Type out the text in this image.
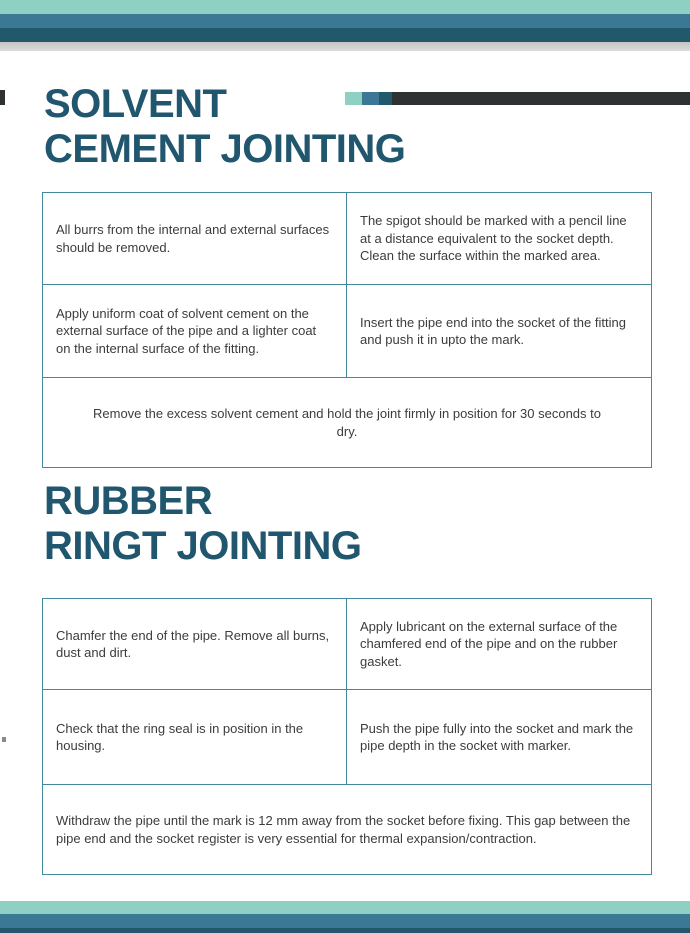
SOLVENT
CEMENT JOINTING
All burrs from the internal and external surfaces should be removed.
The spigot should be marked with a pencil line at a distance equivalent to the socket depth. Clean the surface within the marked area.
Apply uniform coat of solvent cement on the external surface of the pipe and a lighter coat on the internal surface of the fitting.
Insert the pipe end into the socket of the fitting and push it in upto the mark.
Remove the excess solvent cement and hold the joint firmly in position for 30 seconds to dry.
RUBBER
RINGT JOINTING
Chamfer the end of the pipe. Remove all burns, dust and dirt.
Apply lubricant on the external surface of the chamfered end of the pipe and on the rubber gasket.
Check that the ring seal is in position in the housing.
Push the pipe fully into the socket and mark the pipe depth in the socket with marker.
Withdraw the pipe until the mark is 12 mm away from the socket before fixing. This gap between the pipe end and the socket register is very essential for thermal expansion/contraction.
